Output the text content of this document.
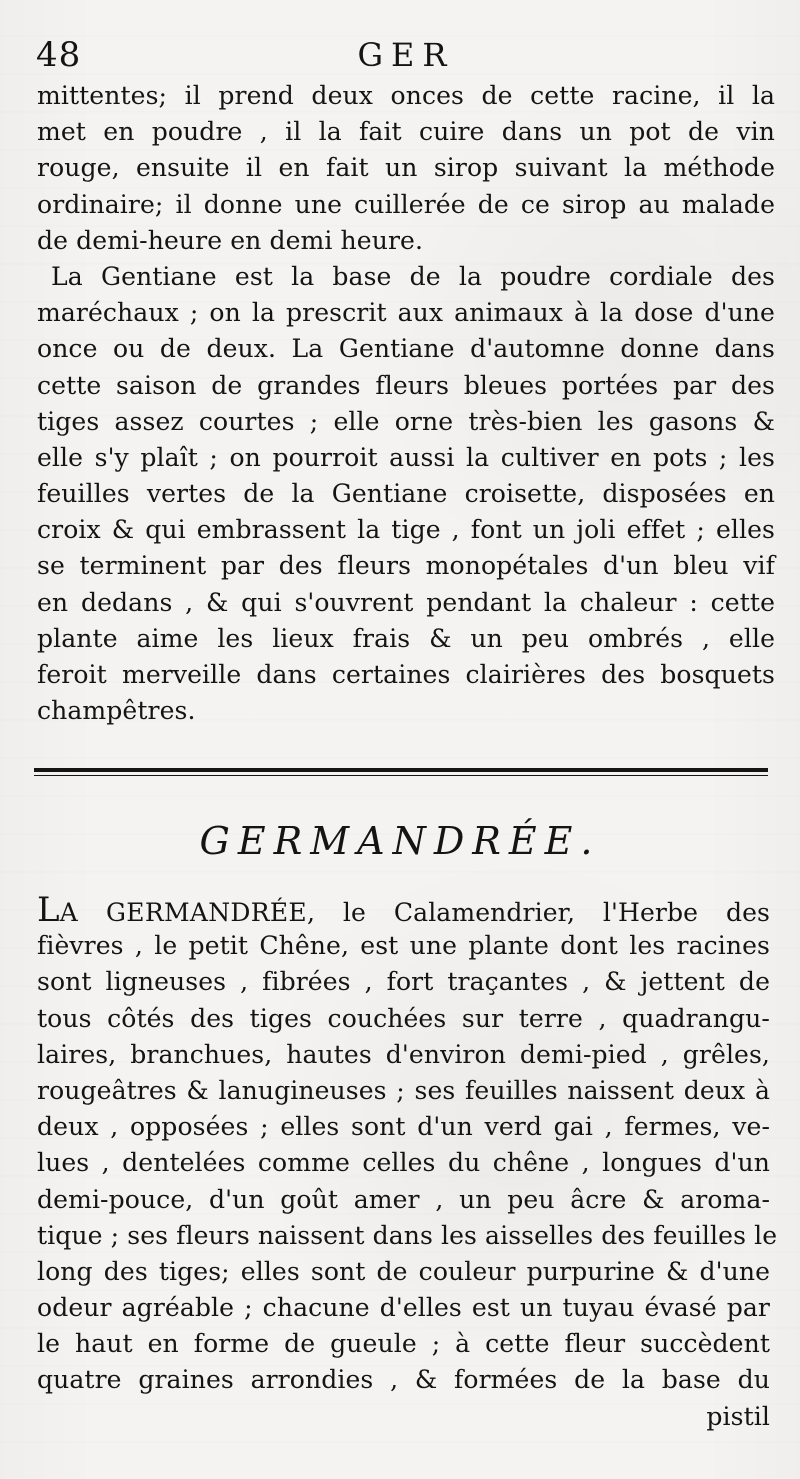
48	GER
mittentes; il prend deux onces de cette racine, il la
met en poudre , il la fait cuire dans un pot de vin
rouge, ensuite il en fait un sirop suivant la méthode
ordinaire; il donne une cuillerée de ce sirop au malade
de demi-heure en demi heure.
La Gentiane est la base de la poudre cordiale des
maréchaux ; on la prescrit aux animaux à la dose d'une
once ou de deux. La Gentiane d'automne donne dans
cette saison de grandes fleurs bleues portées par des
tiges assez courtes ; elle orne très-bien les gasons &
elle s'y plaît ; on pourroit aussi la cultiver en pots ; les
feuilles vertes de la Gentiane croisette, disposées en
croix & qui embrassent la tige , font un joli effet ; elles
se terminent par des fleurs monopétales d'un bleu vif
en dedans , & qui s'ouvrent pendant la chaleur : cette
plante aime les lieux frais & un peu ombrés , elle
feroit merveille dans certaines clairières des bosquets
champêtres.
GERMANDRÉE.
LA GERMANDRÉE, le Calamendrier, l'Herbe des
fièvres , le petit Chêne, est une plante dont les racines
sont ligneuses , fibrées , fort traçantes , & jettent de
tous côtés des tiges couchées sur terre , quadrangu-
laires, branchues, hautes d'environ demi-pied , grêles,
rougeâtres & lanugineuses ; ses feuilles naissent deux à
deux , opposées ; elles sont d'un verd gai , fermes, ve-
lues , dentelées comme celles du chêne , longues d'un
demi-pouce, d'un goût amer , un peu âcre & aroma-
tique ; ses fleurs naissent dans les aisselles des feuilles le
long des tiges; elles sont de couleur purpurine & d'une
odeur agréable ; chacune d'elles est un tuyau évasé par
le haut en forme de gueule ; à cette fleur succèdent
quatre graines arrondies , & formées de la base du
pistil
